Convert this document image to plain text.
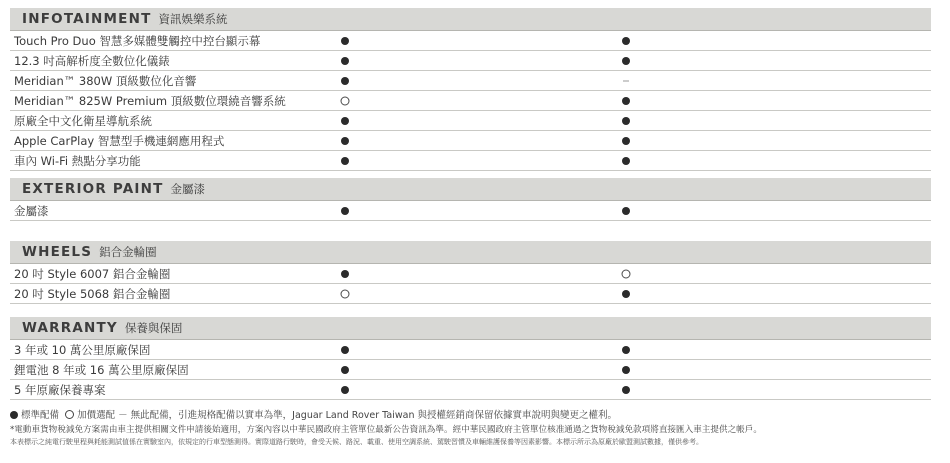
INFOTAINMENT 資訊娛樂系統
Touch Pro Duo 智慧多媒體雙觸控中控台顯示幕
12.3 吋高解析度全數位化儀錶
Meridian™ 380W 頂級數位化音響
Meridian™ 825W Premium 頂級數位環繞音響系統
原廠全中文化衛星導航系統
Apple CarPlay 智慧型手機連網應用程式
車內 Wi-Fi 熱點分享功能
EXTERIOR PAINT 金屬漆
金屬漆
WHEELS 鋁合金輪圈
20 吋 Style 6007 鋁合金輪圈
20 吋 Style 5068 鋁合金輪圈
WARRANTY 保養與保固
3 年或 10 萬公里原廠保固
鋰電池 8 年或 16 萬公里原廠保固
5 年原廠保養專案
標準配備 加價選配 － 無此配備，引進規格配備以實車為準，Jaguar Land Rover Taiwan 與授權經銷商保留依據實車說明與變更之權利。
*電動車貨物稅減免方案需由車主提供相關文件申請後始適用，方案內容以中華民國政府主管單位最新公告資訊為準。經中華民國政府主管單位核准通過之貨物稅減免款項將直接匯入車主提供之帳戶。
本表標示之純電行駛里程與耗能測試值係在實驗室內，依規定的行車型態測得。實際道路行駛時，會受天候、路況、載重、使用空調系統、駕駛習慣及車輛維護保養等因素影響。本標示所示為原廠於歐盟測試數據，僅供參考。
